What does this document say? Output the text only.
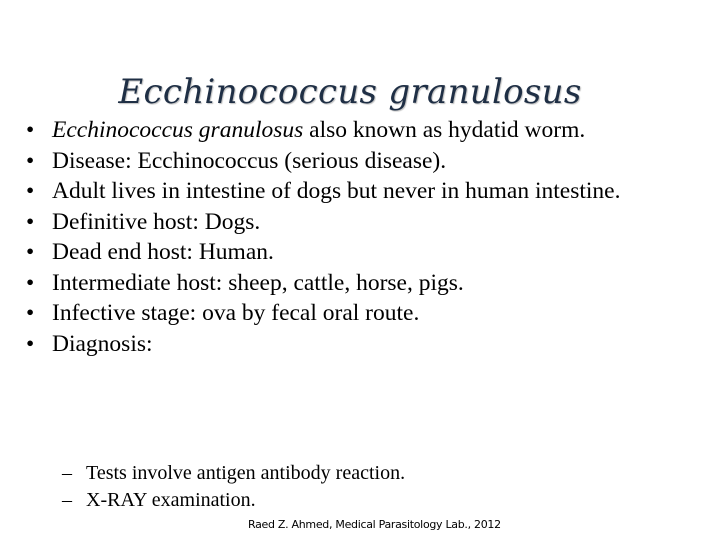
Ecchinococcus granulosus
• Ecchinococcus granulosus also known as hydatid worm.
• Disease: Ecchinococcus (serious disease).
• Adult lives in intestine of dogs but never in human intestine.
• Definitive host: Dogs.
• Dead end host: Human.
• Intermediate host: sheep, cattle, horse, pigs.
• Infective stage: ova by fecal oral route.
• Diagnosis:
– Tests involve antigen antibody reaction.
– X-RAY examination.
Raed Z. Ahmed, Medical Parasitology Lab., 2012
